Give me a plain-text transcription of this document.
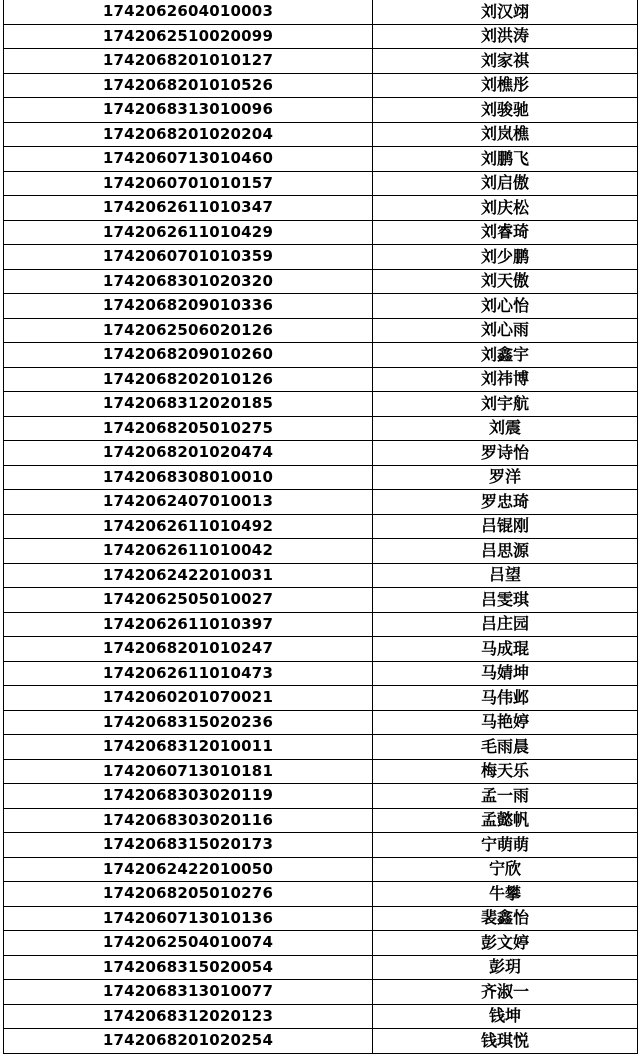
1742062604010003	刘汉翊
1742062510020099	刘洪涛
1742068201010127	刘家祺
1742068201010526	刘樵彤
1742068313010096	刘骏驰
1742068201020204	刘岚樵
1742060713010460	刘鹏飞
1742060701010157	刘启傲
1742062611010347	刘庆松
1742062611010429	刘睿琦
1742060701010359	刘少鹏
1742068301020320	刘天傲
1742068209010336	刘心怡
1742062506020126	刘心雨
1742068209010260	刘鑫宇
1742068202010126	刘祎博
1742068312020185	刘宇航
1742068205010275	刘震
1742068201020474	罗诗怡
1742068308010010	罗洋
1742062407010013	罗忠琦
1742062611010492	吕锟刚
1742062611010042	吕思源
1742062422010031	吕望
1742062505010027	吕雯琪
1742062611010397	吕庄园
1742068201010247	马成琨
1742062611010473	马婧坤
1742060201070021	马伟邺
1742068315020236	马艳婷
1742068312010011	毛雨晨
1742060713010181	梅天乐
1742068303020119	孟一雨
1742068303020116	孟懿帆
1742068315020173	宁萌萌
1742062422010050	宁欣
1742068205010276	牛攀
1742060713010136	裴鑫怡
1742062504010074	彭文婷
1742068315020054	彭玥
1742068313010077	齐淑一
1742068312020123	钱坤
1742068201020254	钱琪悦
